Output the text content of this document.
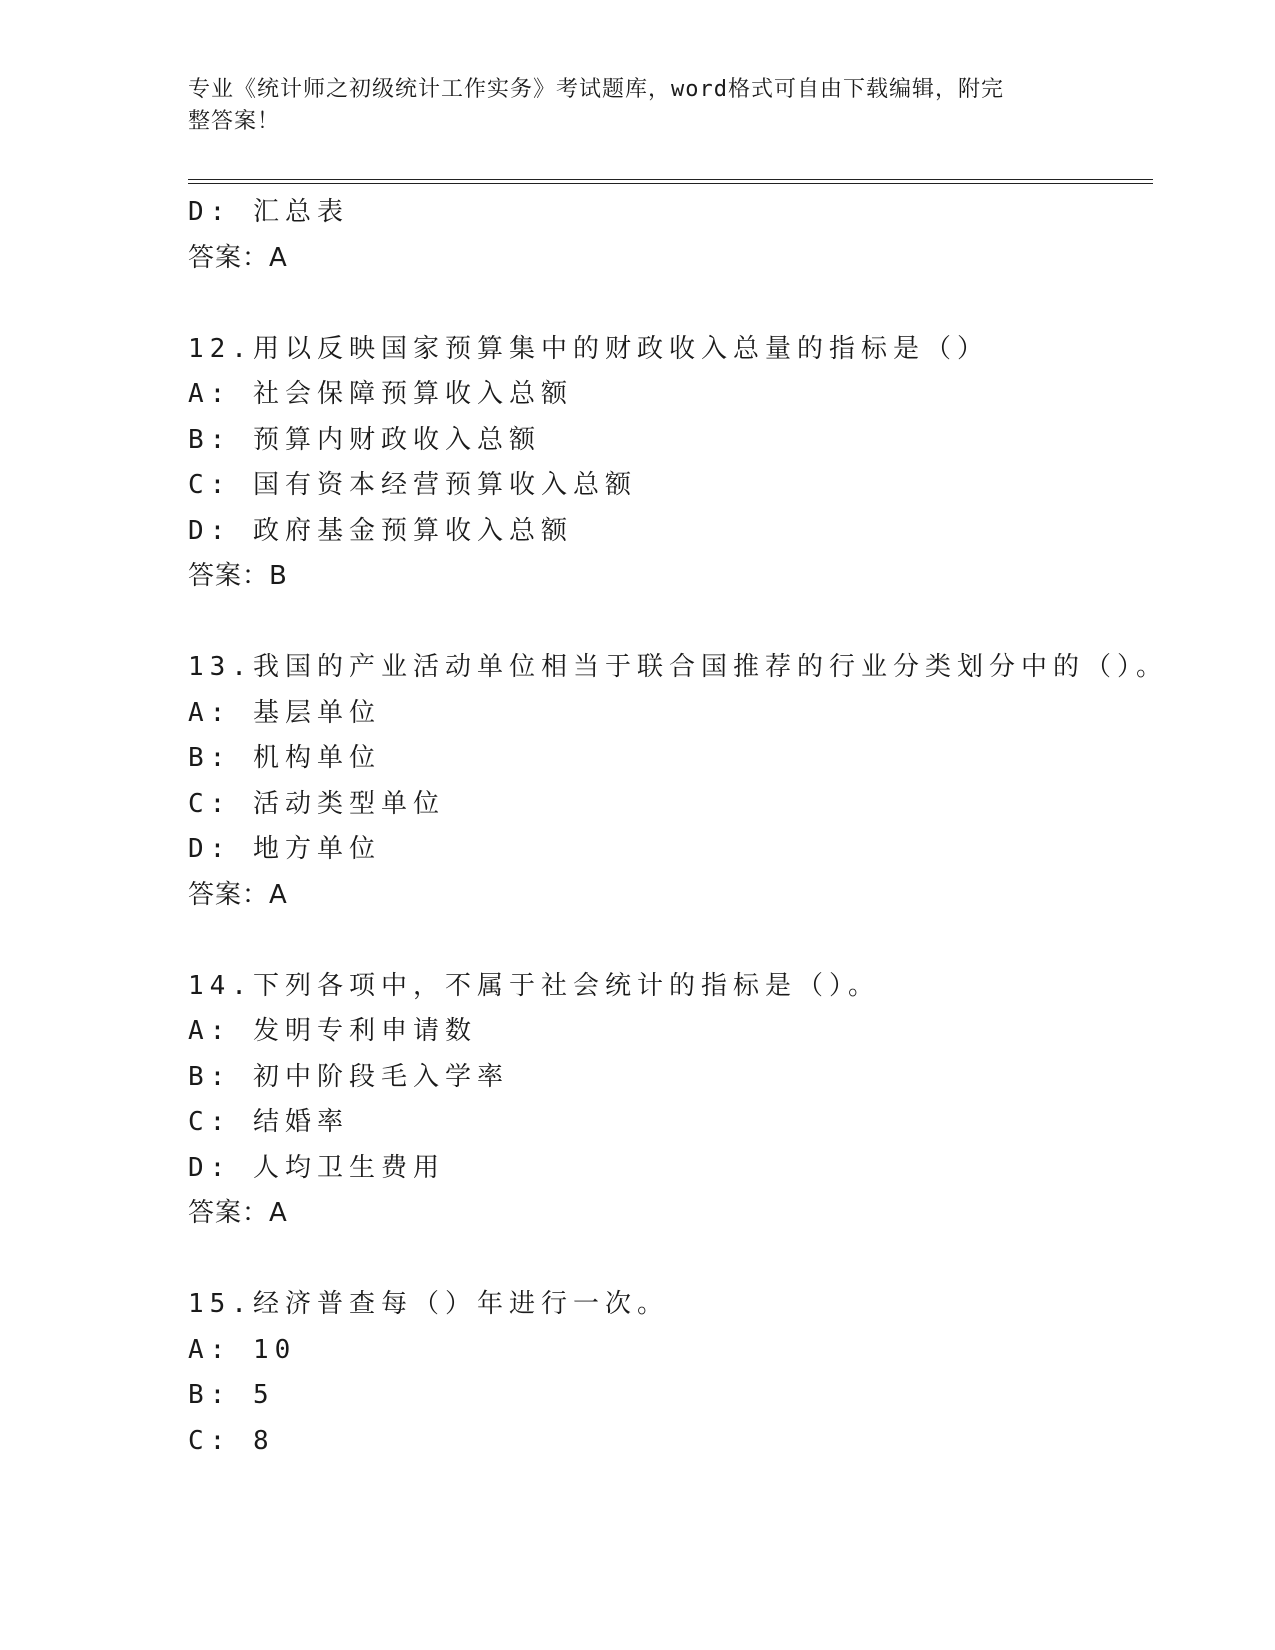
专业《统计师之初级统计工作实务》考试题库，word格式可自由下载编辑，附完
整答案！
D: 汇总表
答案：A
12.用以反映国家预算集中的财政收入总量的指标是（）
A: 社会保障预算收入总额
B: 预算内财政收入总额
C: 国有资本经营预算收入总额
D: 政府基金预算收入总额
答案：B
13.我国的产业活动单位相当于联合国推荐的行业分类划分中的（）。
A: 基层单位
B: 机构单位
C: 活动类型单位
D: 地方单位
答案：A
14.下列各项中，不属于社会统计的指标是（）。
A: 发明专利申请数
B: 初中阶段毛入学率
C: 结婚率
D: 人均卫生费用
答案：A
15.经济普查每（）年进行一次。
A: 10
B: 5
C: 8
